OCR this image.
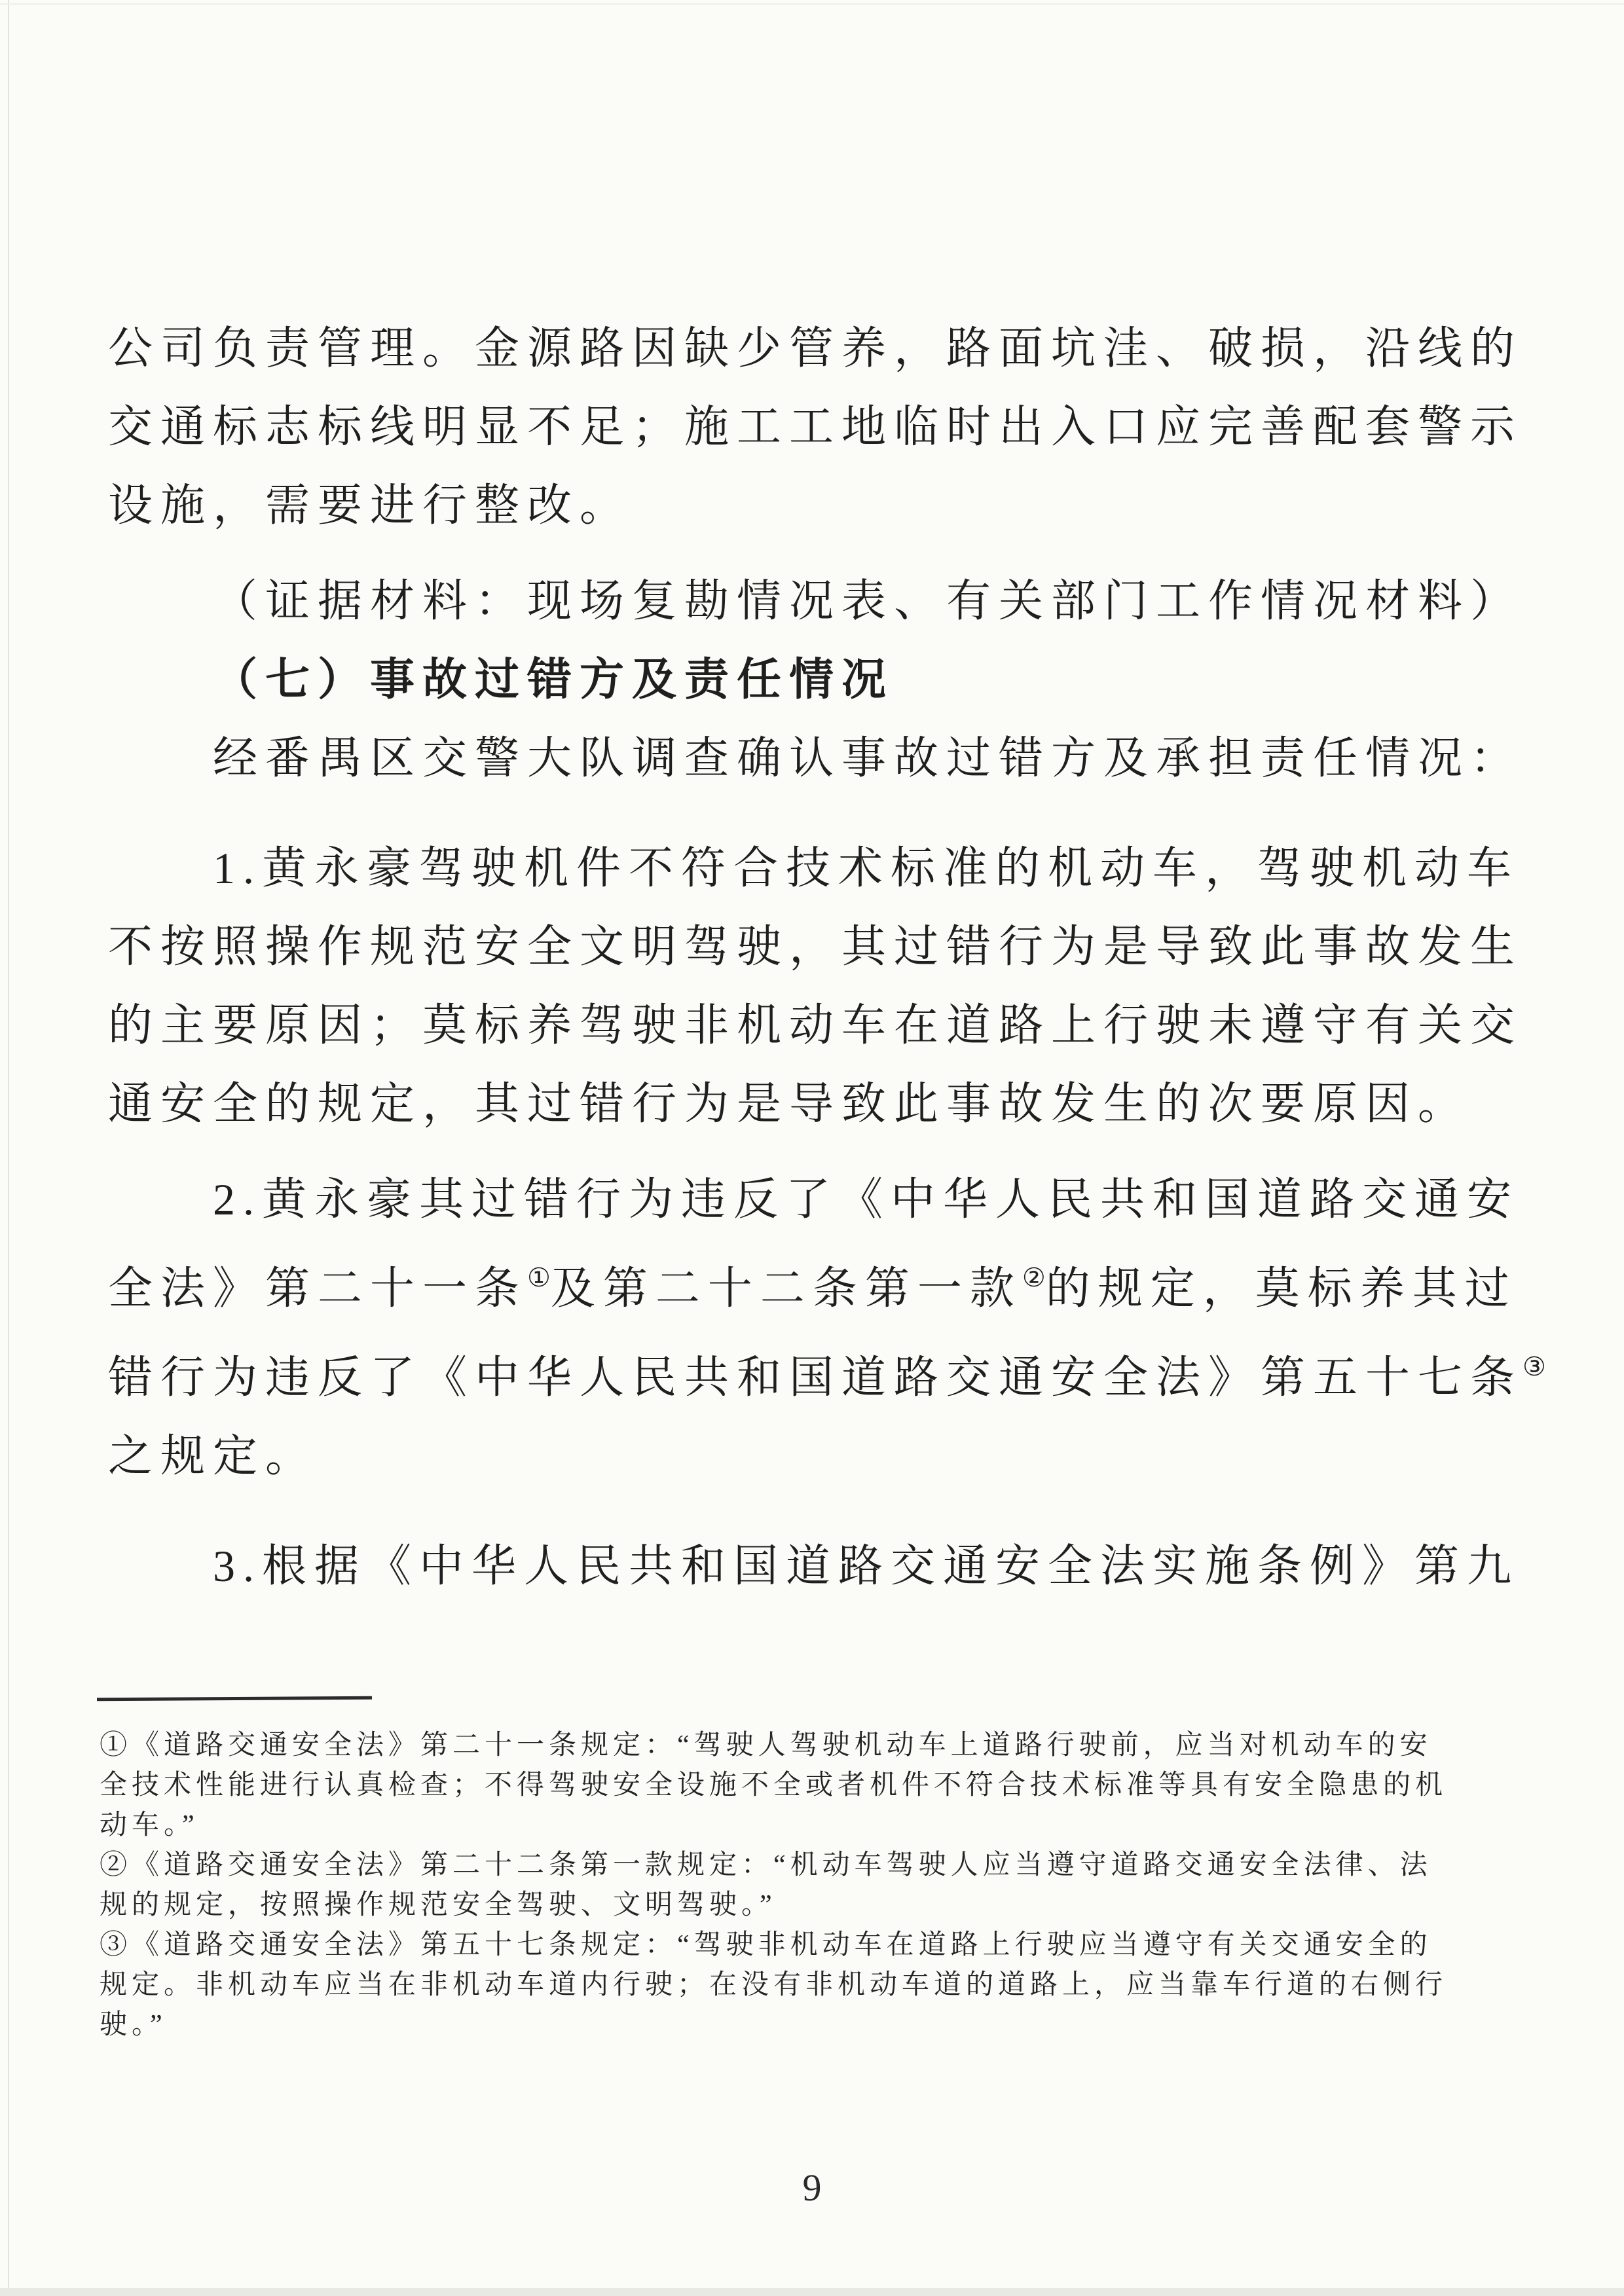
公司负责管理。金源路因缺少管养，路面坑洼、破损，沿线的
交通标志标线明显不足；施工工地临时出入口应完善配套警示
设施，需要进行整改。
（证据材料：现场复勘情况表、有关部门工作情况材料）
（七）事故过错方及责任情况
经番禺区交警大队调查确认事故过错方及承担责任情况：
1.黄永豪驾驶机件不符合技术标准的机动车，驾驶机动车
不按照操作规范安全文明驾驶，其过错行为是导致此事故发生
的主要原因；莫标养驾驶非机动车在道路上行驶未遵守有关交
通安全的规定，其过错行为是导致此事故发生的次要原因。
2.黄永豪其过错行为违反了《中华人民共和国道路交通安
全法》第二十一条①及第二十二条第一款②的规定，莫标养其过
错行为违反了《中华人民共和国道路交通安全法》第五十七条③
之规定。
3.根据《中华人民共和国道路交通安全法实施条例》第九
①《道路交通安全法》第二十一条规定：“驾驶人驾驶机动车上道路行驶前，应当对机动车的安
全技术性能进行认真检查；不得驾驶安全设施不全或者机件不符合技术标准等具有安全隐患的机
动车。”
②《道路交通安全法》第二十二条第一款规定：“机动车驾驶人应当遵守道路交通安全法律、法
规的规定，按照操作规范安全驾驶、文明驾驶。”
③《道路交通安全法》第五十七条规定：“驾驶非机动车在道路上行驶应当遵守有关交通安全的
规定。非机动车应当在非机动车道内行驶；在没有非机动车道的道路上，应当靠车行道的右侧行
驶。”
9
